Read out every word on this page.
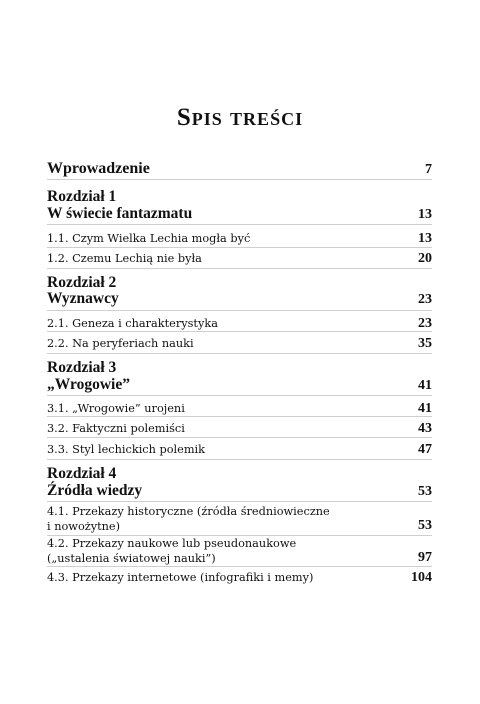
Spis treści
Wprowadzenie	7
Rozdział 1
W świecie fantazmatu	13
1.1. Czym Wielka Lechia mogła być	13
1.2. Czemu Lechią nie była	20
Rozdział 2
Wyznawcy	23
2.1. Geneza i charakterystyka	23
2.2. Na peryferiach nauki	35
Rozdział 3
„Wrogowie”	41
3.1. „Wrogowie” urojeni	41
3.2. Faktyczni polemiści	43
3.3. Styl lechickich polemik	47
Rozdział 4
Źródła wiedzy	53
4.1. Przekazy historyczne (źródła średniowieczne
i nowożytne)	53
4.2. Przekazy naukowe lub pseudonaukowe
(„ustalenia światowej nauki”)	97
4.3. Przekazy internetowe (infografiki i memy)	104
